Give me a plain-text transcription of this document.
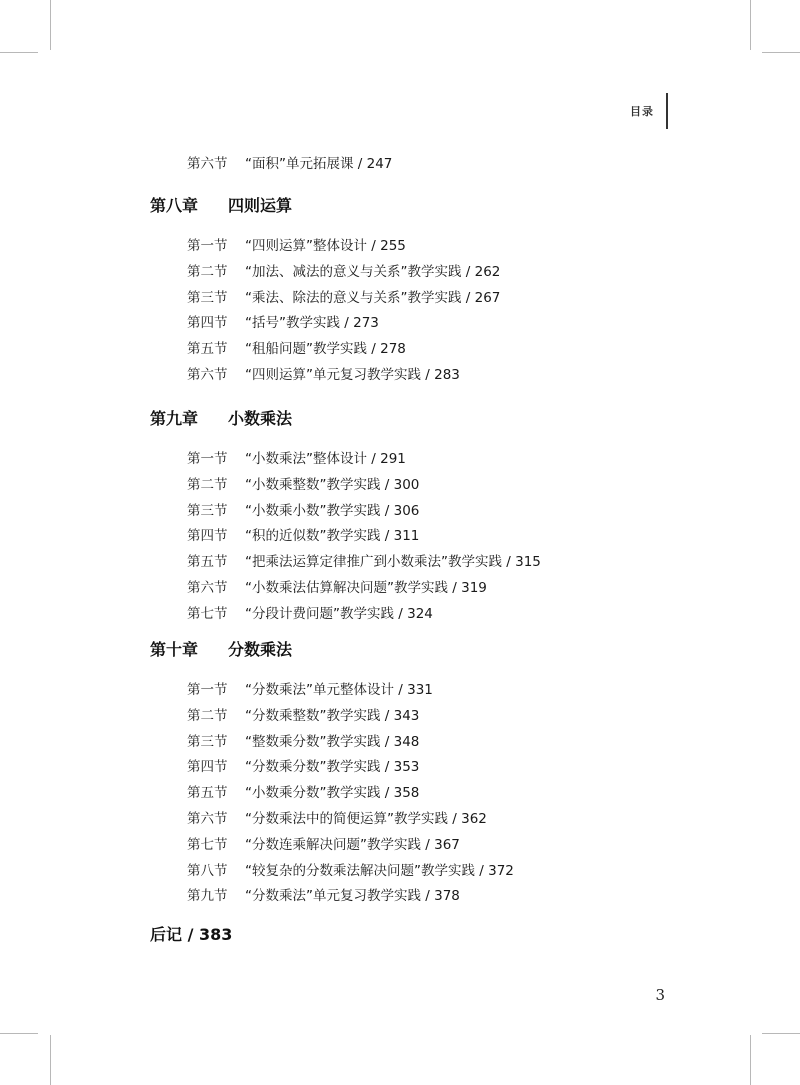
目录
第六节 “面积”单元拓展课 / 247
第八章 四则运算
第一节 “四则运算”整体设计 / 255
第二节 “加法、减法的意义与关系”教学实践 / 262
第三节 “乘法、除法的意义与关系”教学实践 / 267
第四节 “括号”教学实践 / 273
第五节 “租船问题”教学实践 / 278
第六节 “四则运算”单元复习教学实践 / 283
第九章 小数乘法
第一节 “小数乘法”整体设计 / 291
第二节 “小数乘整数”教学实践 / 300
第三节 “小数乘小数”教学实践 / 306
第四节 “积的近似数”教学实践 / 311
第五节 “把乘法运算定律推广到小数乘法”教学实践 / 315
第六节 “小数乘法估算解决问题”教学实践 / 319
第七节 “分段计费问题”教学实践 / 324
第十章 分数乘法
第一节 “分数乘法”单元整体设计 / 331
第二节 “分数乘整数”教学实践 / 343
第三节 “整数乘分数”教学实践 / 348
第四节 “分数乘分数”教学实践 / 353
第五节 “小数乘分数”教学实践 / 358
第六节 “分数乘法中的简便运算”教学实践 / 362
第七节 “分数连乘解决问题”教学实践 / 367
第八节 “较复杂的分数乘法解决问题”教学实践 / 372
第九节 “分数乘法”单元复习教学实践 / 378
后记 / 383
3
